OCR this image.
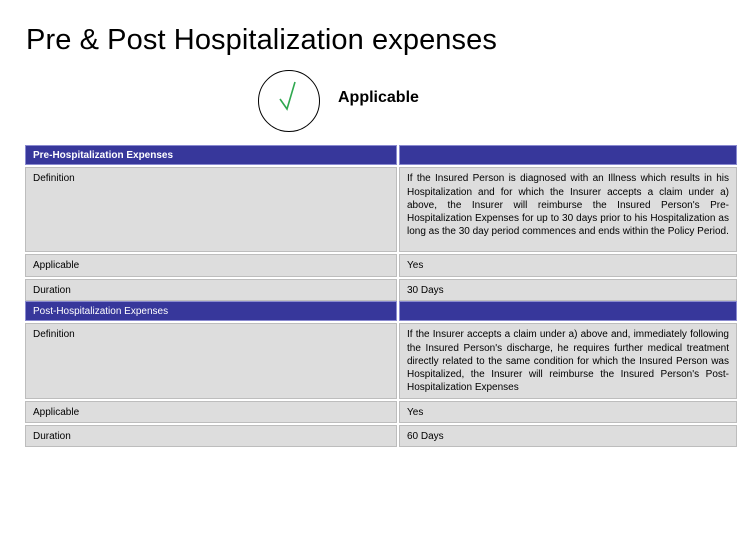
Pre & Post Hospitalization expenses
Applicable
Pre-Hospitalization Expenses	
Definition	If the Insured Person is diagnosed with an Illness which results in his Hospitalization and for which the Insurer accepts a claim under a) above, the Insurer will reimburse the Insured Person's Pre-Hospitalization Expenses for up to 30 days prior to his Hospitalization as long as the 30 day period commences and ends within the Policy Period.
Applicable	Yes
Duration	30 Days
Post-Hospitalization Expenses	
Definition	If the Insurer accepts a claim under a) above and, immediately following the Insured Person's discharge, he requires further medical treatment directly related to the same condition for which the Insured Person was Hospitalized, the Insurer will reimburse the Insured Person's Post-Hospitalization Expenses
Applicable	Yes
Duration	60 Days
